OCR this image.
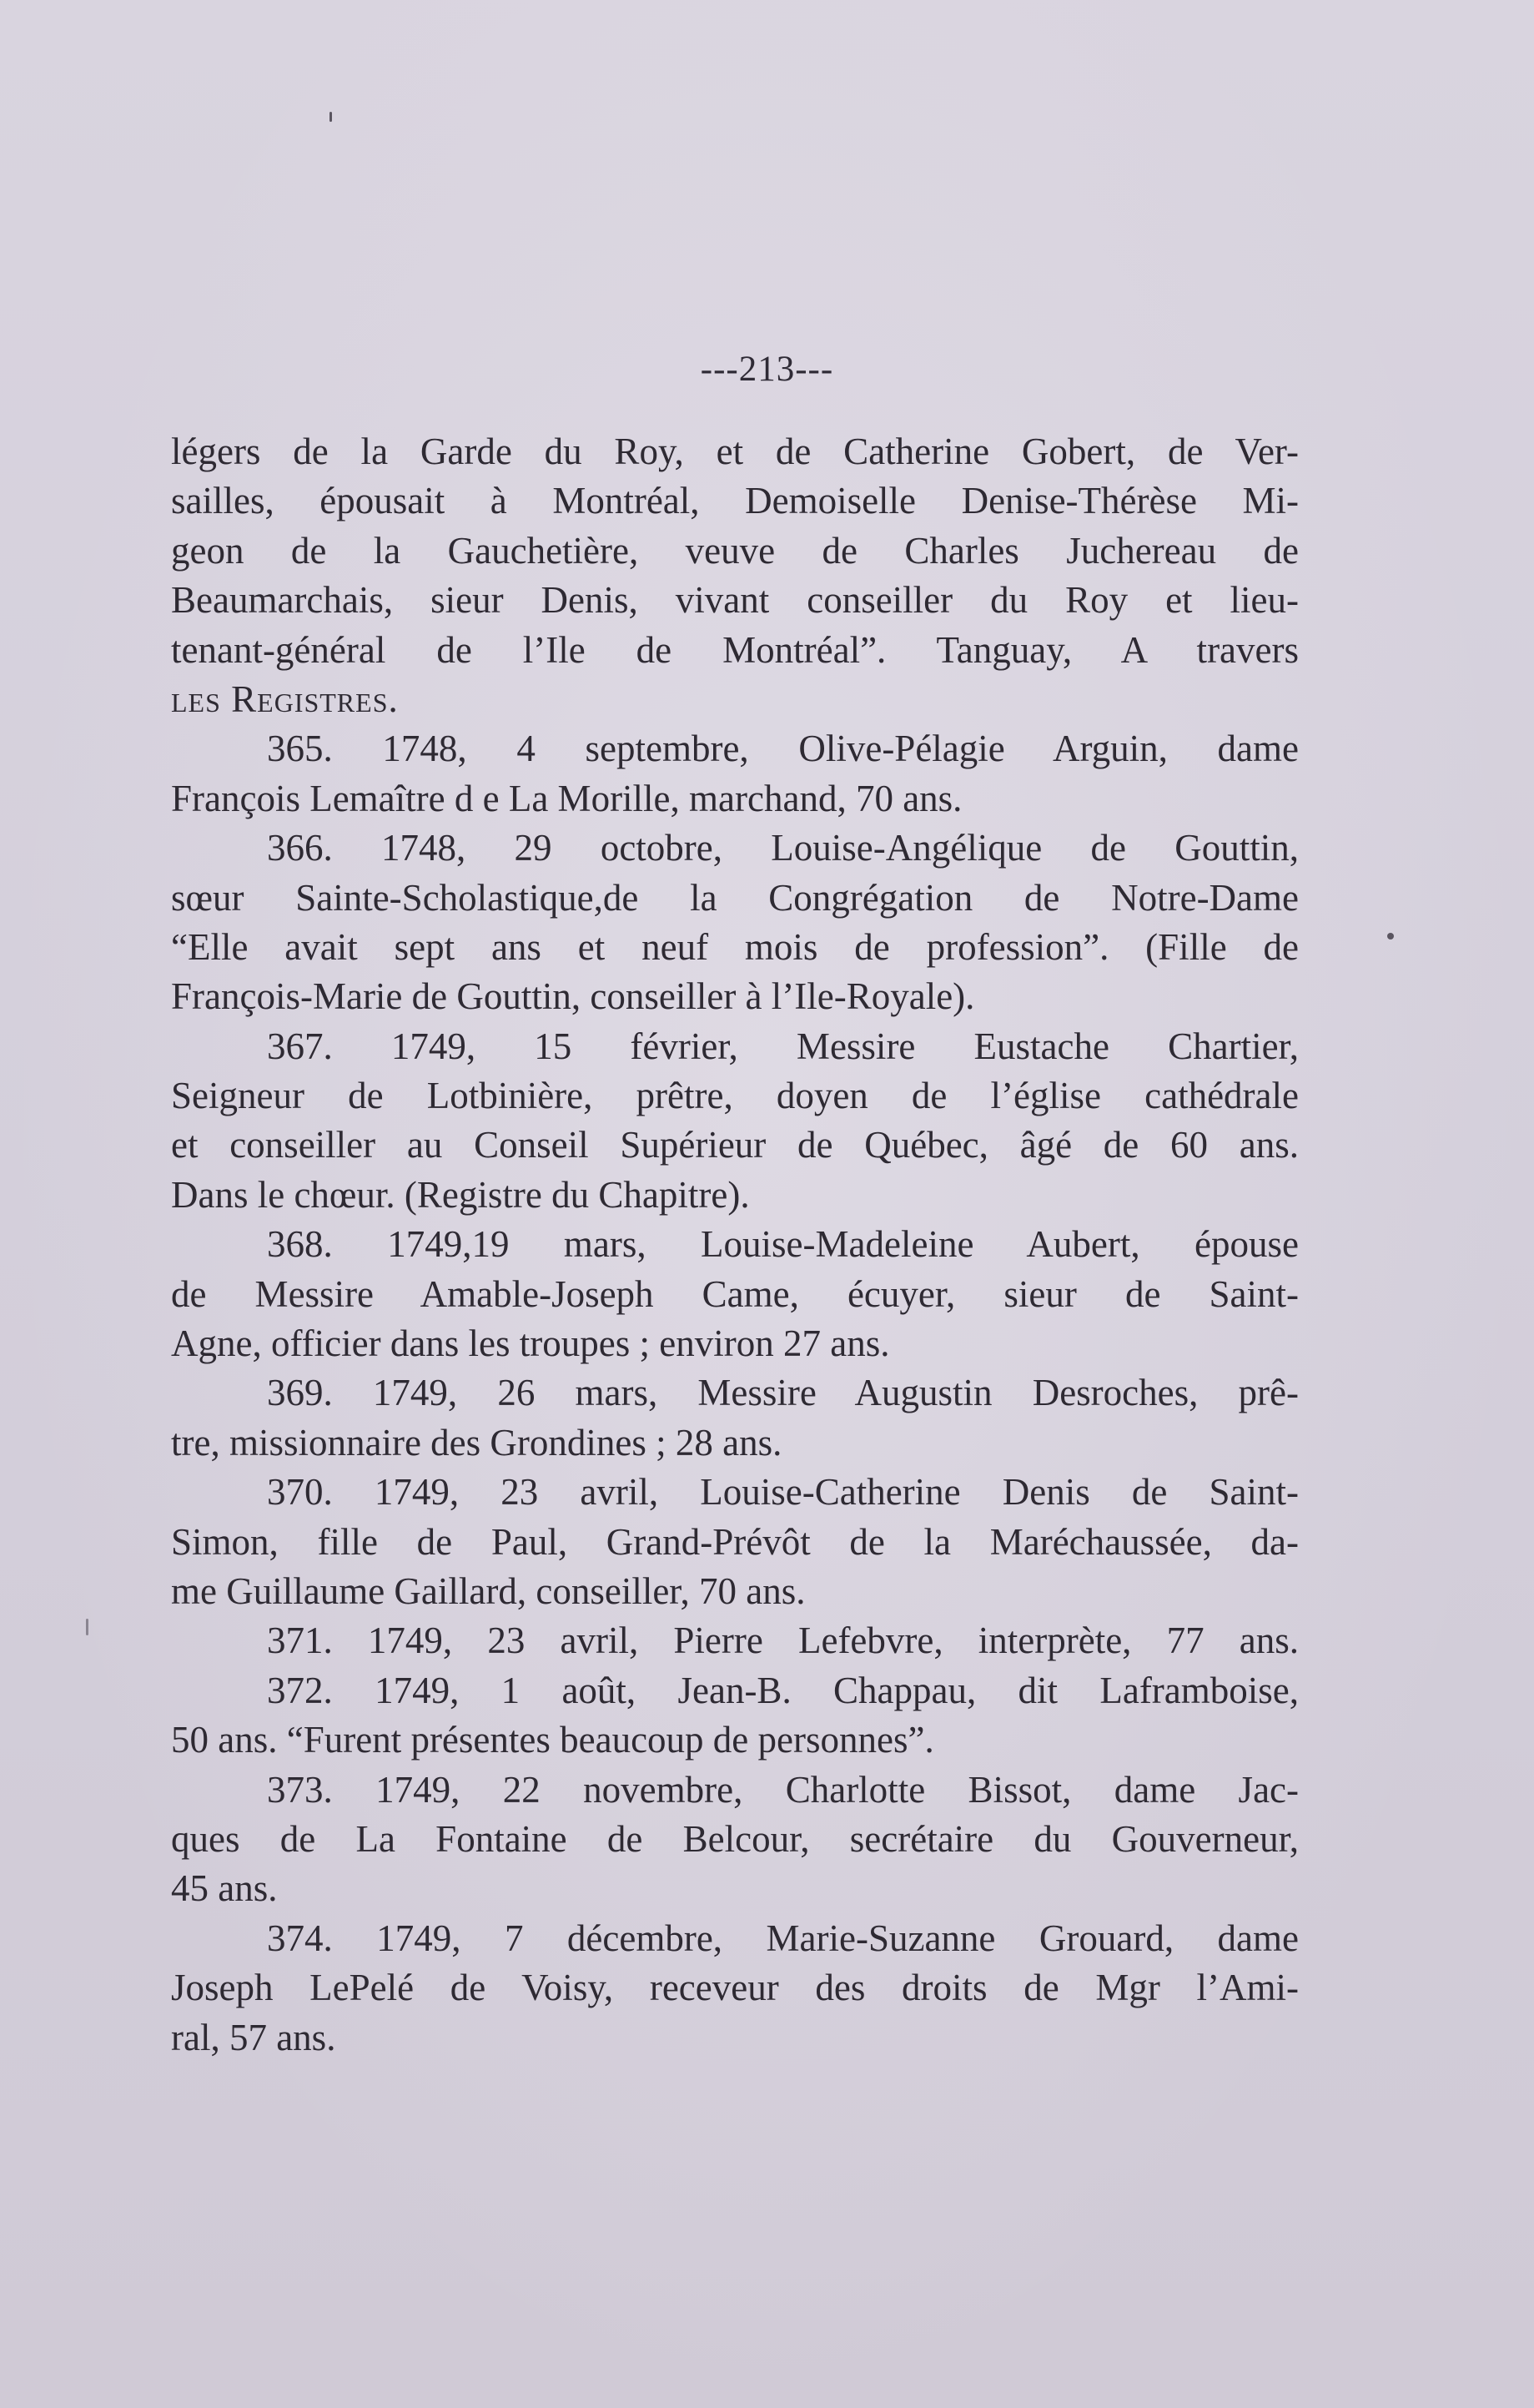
---213---
légers de la Garde du Roy, et de Catherine Gobert, de Ver-
sailles, épousait à Montréal, Demoiselle Denise-Thérèse Mi-
geon de la Gauchetière, veuve de Charles Juchereau de
Beaumarchais, sieur Denis, vivant conseiller du Roy et lieu-
tenant-général de l’Ile de Montréal”. Tanguay, A travers
les Registres.
365. 1748, 4 septembre, Olive-Pélagie Arguin, dame
François Lemaître d e La Morille, marchand, 70 ans.
366. 1748, 29 octobre, Louise-Angélique de Gouttin,
sœur Sainte-Scholastique,de la Congrégation de Notre-Dame
“Elle avait sept ans et neuf mois de profession”. (Fille de
François-Marie de Gouttin, conseiller à l’Ile-Royale).
367. 1749, 15 février, Messire Eustache Chartier,
Seigneur de Lotbinière, prêtre, doyen de l’église cathédrale
et conseiller au Conseil Supérieur de Québec, âgé de 60 ans.
Dans le chœur. (Registre du Chapitre).
368. 1749,19 mars, Louise-Madeleine Aubert, épouse
de Messire Amable-Joseph Came, écuyer, sieur de Saint-
Agne, officier dans les troupes ; environ 27 ans.
369. 1749, 26 mars, Messire Augustin Desroches, prê-
tre, missionnaire des Grondines ; 28 ans.
370. 1749, 23 avril, Louise-Catherine Denis de Saint-
Simon, fille de Paul, Grand-Prévôt de la Maréchaussée, da-
me Guillaume Gaillard, conseiller, 70 ans.
371. 1749, 23 avril, Pierre Lefebvre, interprète, 77 ans.
372. 1749, 1 août, Jean-B. Chappau, dit Laframboise,
50 ans. “Furent présentes beaucoup de personnes”.
373. 1749, 22 novembre, Charlotte Bissot, dame Jac-
ques de La Fontaine de Belcour, secrétaire du Gouverneur,
45 ans.
374. 1749, 7 décembre, Marie-Suzanne Grouard, dame
Joseph LePelé de Voisy, receveur des droits de Mgr l’Ami-
ral, 57 ans.
